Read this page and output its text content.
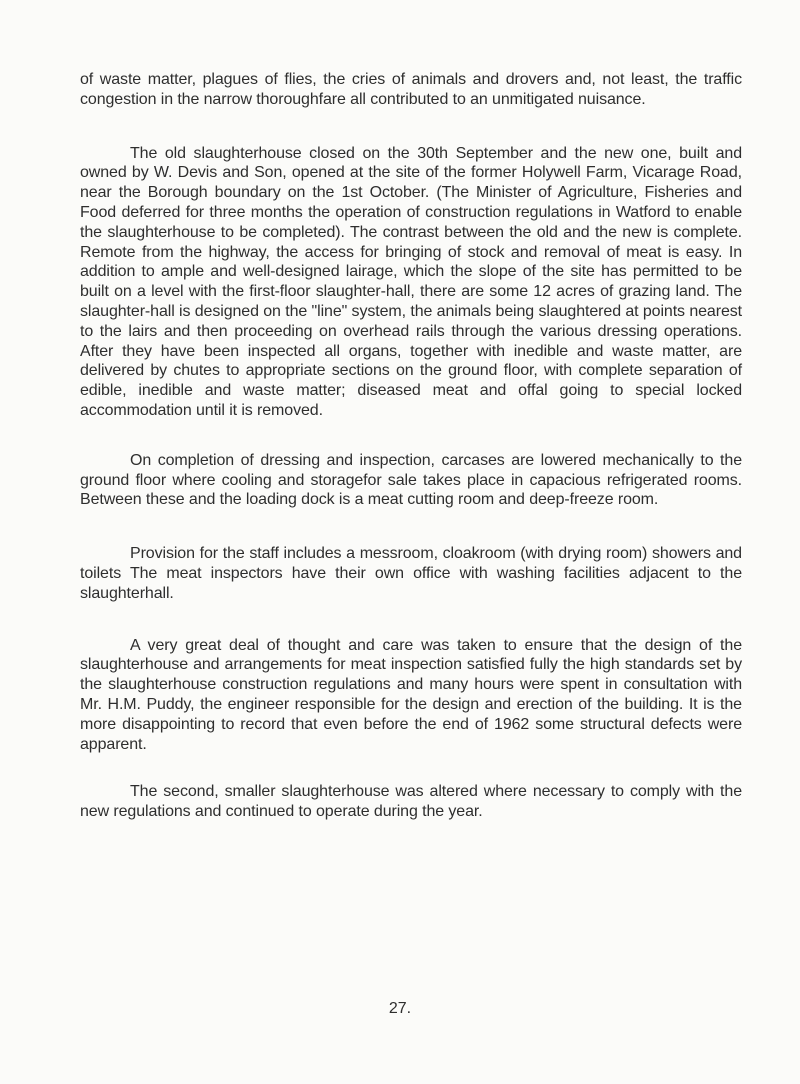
of waste matter, plagues of flies, the cries of animals and drovers and, not least, the traffic congestion in the narrow thoroughfare all contributed to an unmitigated nuisance.

The old slaughterhouse closed on the 30th September and the new one, built and owned by W. Devis and Son, opened at the site of the former Holywell Farm, Vicarage Road, near the Borough boundary on the 1st October. (The Minister of Agriculture, Fisheries and Food deferred for three months the operation of construction regulations in Watford to enable the slaughterhouse to be completed). The contrast between the old and the new is complete. Remote from the highway, the access for bringing of stock and removal of meat is easy. In addition to ample and well-designed lairage, which the slope of the site has permitted to be built on a level with the first-floor slaughter-hall, there are some 12 acres of grazing land. The slaughter-hall is designed on the "line" system, the animals being slaughtered at points nearest to the lairs and then proceeding on overhead rails through the various dressing operations. After they have been inspected all organs, together with inedible and waste matter, are delivered by chutes to appropriate sections on the ground floor, with complete separation of edible, inedible and waste matter; diseased meat and offal going to special locked accommodation until it is removed.

On completion of dressing and inspection, carcases are lowered mechanically to the ground floor where cooling and storagefor sale takes place in capacious refrigerated rooms. Between these and the loading dock is a meat cutting room and deep-freeze room.

Provision for the staff includes a messroom, cloakroom (with drying room) showers and toilets The meat inspectors have their own office with washing facilities adjacent to the slaughterhall.

A very great deal of thought and care was taken to ensure that the design of the slaughterhouse and arrangements for meat inspection satisfied fully the high standards set by the slaughterhouse construction regulations and many hours were spent in consultation with Mr. H.M. Puddy, the engineer responsible for the design and erection of the building. It is the more disappointing to record that even before the end of 1962 some structural defects were apparent.

The second, smaller slaughterhouse was altered where necessary to comply with the new regulations and continued to operate during the year.

27.
